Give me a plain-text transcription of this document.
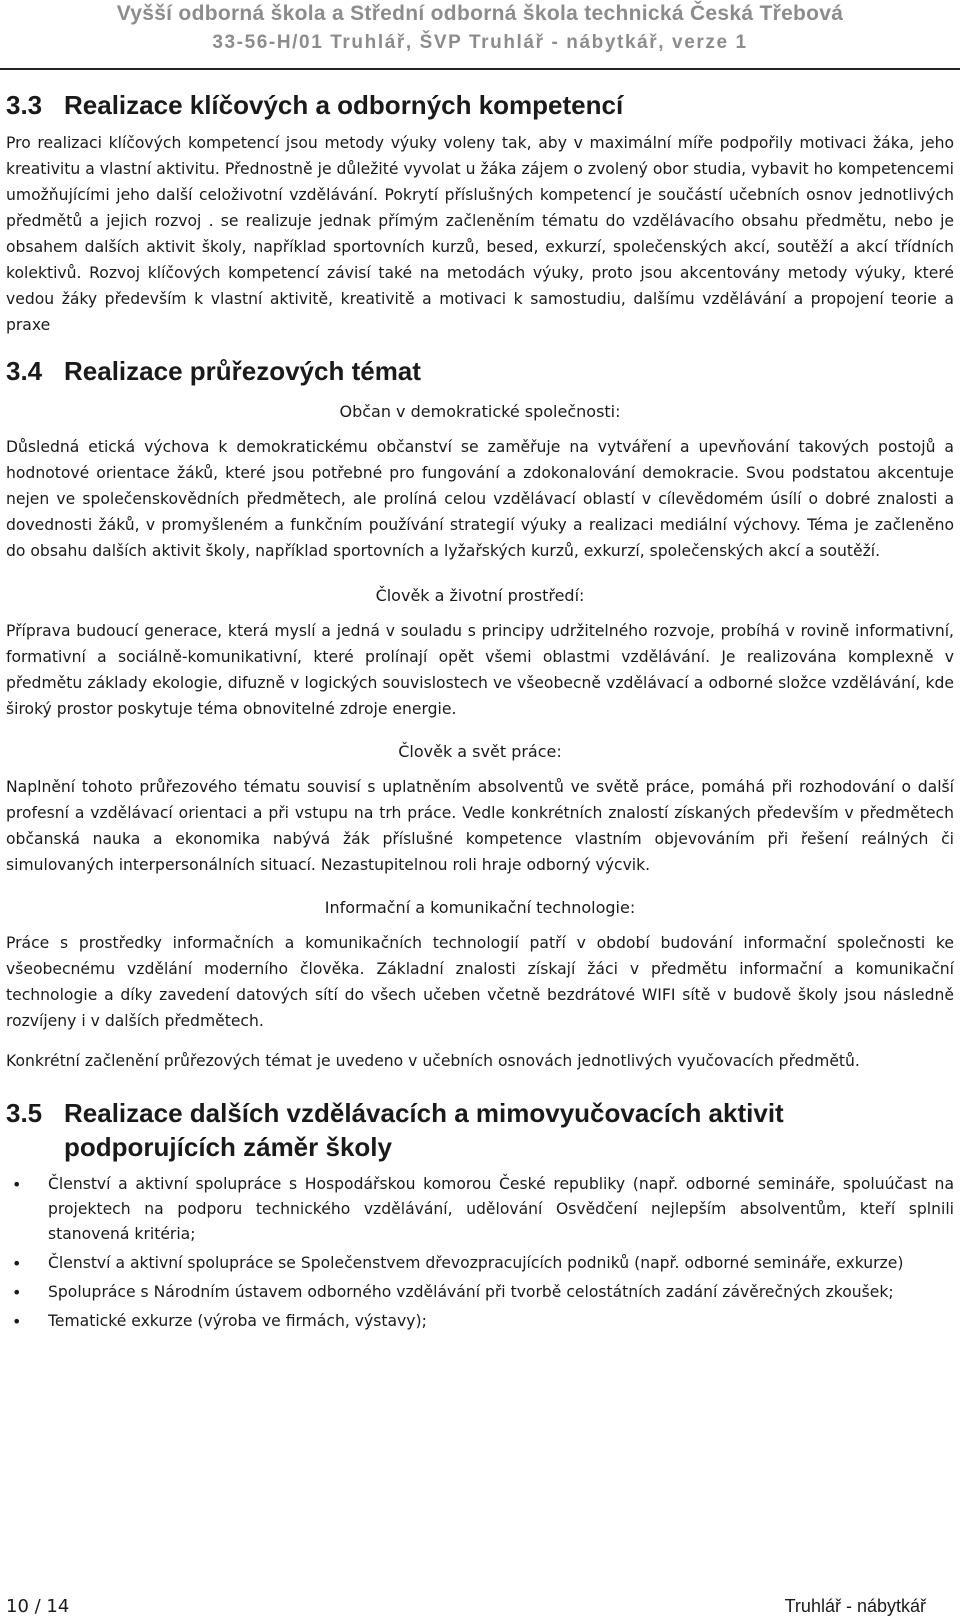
Vyšší odborná škola a Střední odborná škola technická Česká Třebová
33-56-H/01 Truhlář, ŠVP Truhlář - nábytkář, verze 1
3.3 Realizace klíčových a odborných kompetencí

Pro realizaci klíčových kompetencí jsou metody výuky voleny tak, aby v maximální míře podpořily motivaci žáka, jeho kreativitu a vlastní aktivitu. Přednostně je důležité vyvolat u žáka zájem o zvolený obor studia, vybavit ho kompetencemi umožňujícími jeho další celoživotní vzdělávání. Pokrytí příslušných kompetencí je součástí učebních osnov jednotlivých předmětů a jejich rozvoj . se realizuje jednak přímým začleněním tématu do vzdělávacího obsahu předmětu, nebo je obsahem dalších aktivit školy, například sportovních kurzů, besed, exkurzí, společenských akcí, soutěží a akcí třídních kolektivů. Rozvoj klíčových kompetencí závisí také na metodách výuky, proto jsou akcentovány metody výuky, které vedou žáky především k vlastní aktivitě, kreativitě a motivaci k samostudiu, dalšímu vzdělávání a propojení teorie a praxe

3.4 Realizace průřezových témat
Občan v demokratické společnosti:

Důsledná etická výchova k demokratickému občanství se zaměřuje na vytváření a upevňování takových postojů a hodnotové orientace žáků, které jsou potřebné pro fungování a zdokonalování demokracie. Svou podstatou akcentuje nejen ve společenskovědních předmětech, ale prolíná celou vzdělávací oblastí v cílevědomém úsílí o dobré znalosti a dovednosti žáků, v promyšleném a funkčním používání strategií výuky a realizaci mediální výchovy. Téma je začleněno do obsahu dalších aktivit školy, například sportovních a lyžařských kurzů, exkurzí, společenských akcí a soutěží.

Člověk a životní prostředí:

Příprava budoucí generace, která myslí a jedná v souladu s principy udržitelného rozvoje, probíhá v rovině informativní, formativní a sociálně-komunikativní, které prolínají opět všemi oblastmi vzdělávání. Je realizována komplexně v předmětu základy ekologie, difuzně v logických souvislostech ve všeobecně vzdělávací a odborné složce vzdělávání, kde široký prostor poskytuje téma obnovitelné zdroje energie.

Člověk a svět práce:

Naplnění tohoto průřezového tématu souvisí s uplatněním absolventů ve světě práce, pomáhá při rozhodování o další profesní a vzdělávací orientaci a při vstupu na trh práce. Vedle konkrétních znalostí získaných především v předmětech občanská nauka a ekonomika nabývá žák příslušné kompetence vlastním objevováním při řešení reálných či simulovaných interpersonálních situací. Nezastupitelnou roli hraje odborný výcvik.

Informační a komunikační technologie:

Práce s prostředky informačních a komunikačních technologií patří v období budování informační společnosti ke všeobecnému vzdělání moderního člověka. Základní znalosti získají žáci v předmětu informační a komunikační technologie a díky zavedení datových sítí do všech učeben včetně bezdrátové WIFI sítě v budově školy jsou následně rozvíjeny i v dalších předmětech.

Konkrétní začlenění průřezových témat je uvedeno v učebních osnovách jednotlivých vyučovacích předmětů.

3.5 Realizace dalších vzdělávacích a mimovyučovacích aktivit
podporujících záměr školy
• Členství a aktivní spolupráce s Hospodářskou komorou České republiky (např. odborné semináře, spoluúčast na projektech na podporu technického vzdělávání, udělování Osvědčení nejlepším absolventům, kteří splnili stanovená kritéria;
• Členství a aktivní spolupráce se Společenstvem dřevozpracujících podniků (např. odborné semináře, exkurze)
• Spolupráce s Národním ústavem odborného vzdělávání při tvorbě celostátních zadání závěrečných zkoušek;
• Tematické exkurze (výroba ve firmách, výstavy);
10 / 14	Truhlář - nábytkář
